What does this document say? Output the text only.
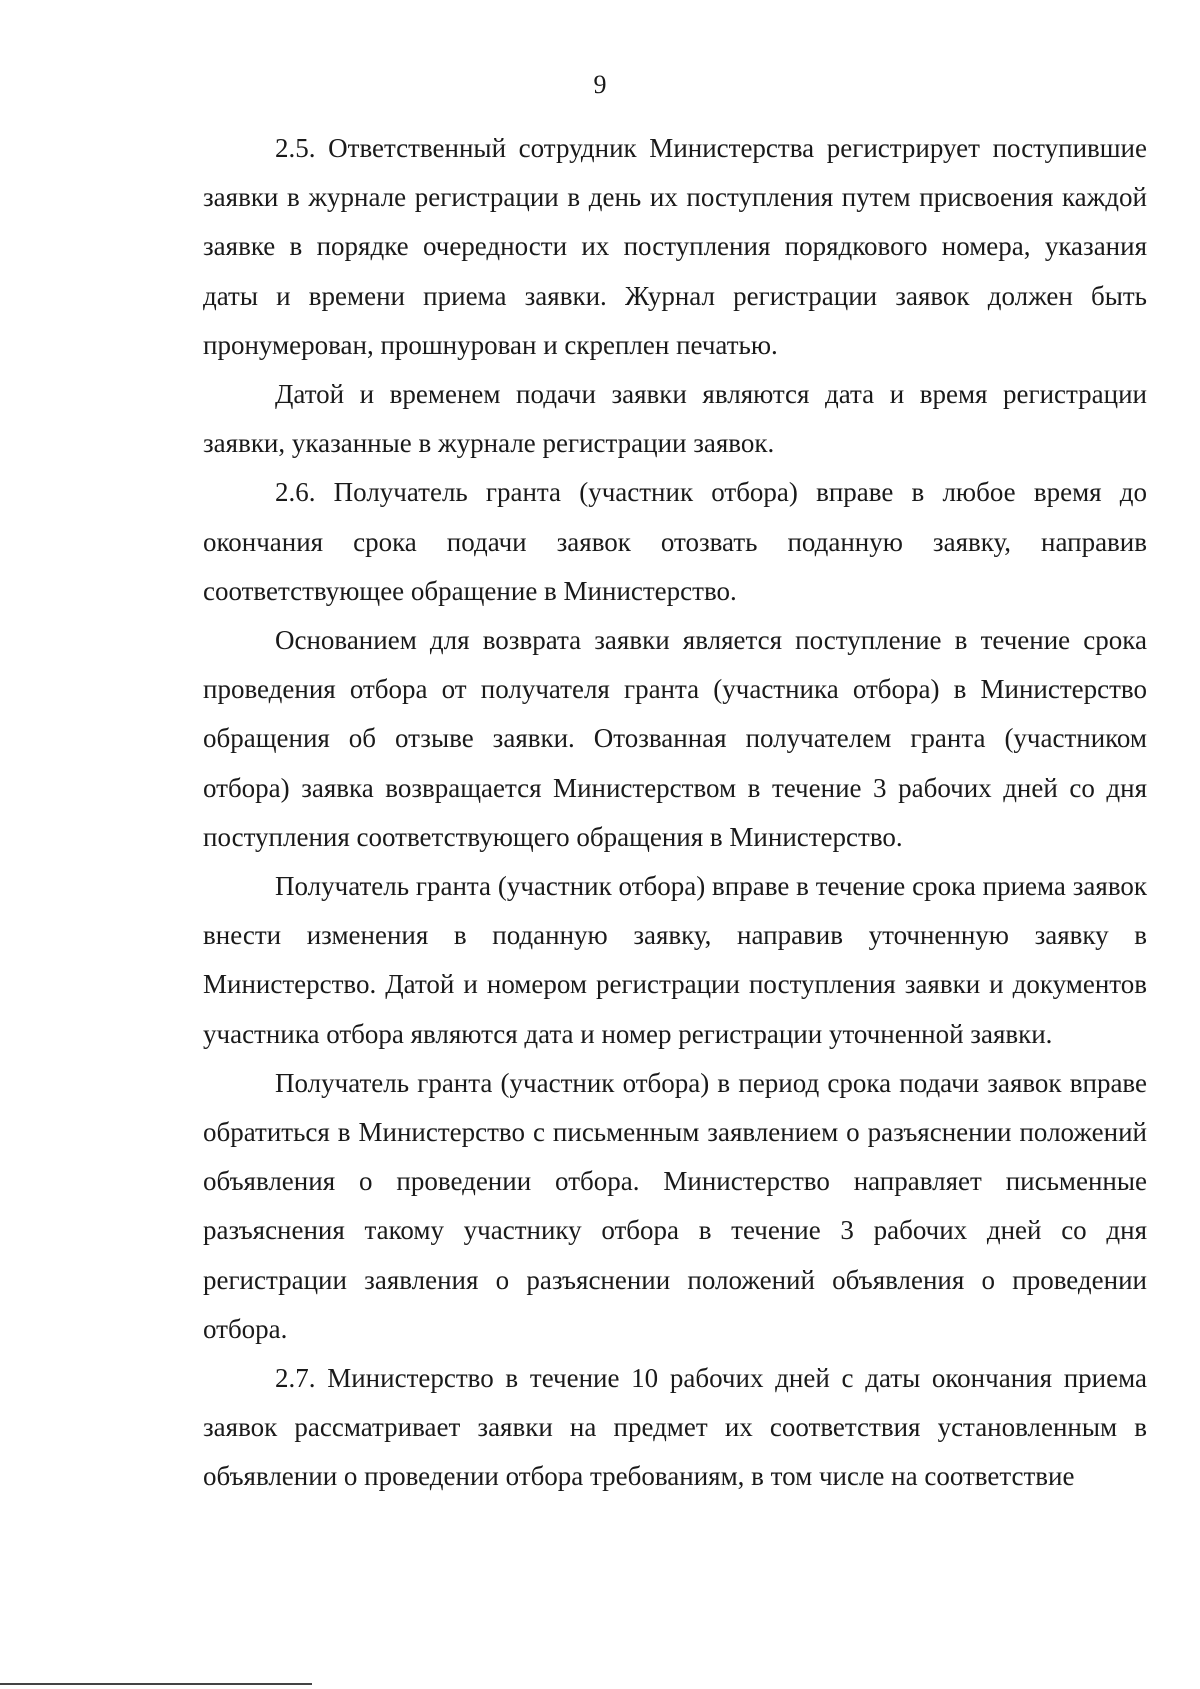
9

2.5. Ответственный сотрудник Министерства регистрирует поступившие заявки в журнале регистрации в день их поступления путем присвоения каждой заявке в порядке очередности их поступления порядкового номера, указания даты и времени приема заявки. Журнал регистрации заявок должен быть пронумерован, прошнурован и скреплен печатью.

Датой и временем подачи заявки являются дата и время регистрации заявки, указанные в журнале регистрации заявок.

2.6. Получатель гранта (участник отбора) вправе в любое время до окончания срока подачи заявок отозвать поданную заявку, направив соответствующее обращение в Министерство.

Основанием для возврата заявки является поступление в течение срока проведения отбора от получателя гранта (участника отбора) в Министерство обращения об отзыве заявки. Отозванная получателем гранта (участником отбора) заявка возвращается Министерством в течение 3 рабочих дней со дня поступления соответствующего обращения в Министерство.

Получатель гранта (участник отбора) вправе в течение срока приема заявок внести изменения в поданную заявку, направив уточненную заявку в Министерство. Датой и номером регистрации поступления заявки и документов участника отбора являются дата и номер регистрации уточненной заявки.

Получатель гранта (участник отбора) в период срока подачи заявок вправе обратиться в Министерство с письменным заявлением о разъяснении положений объявления о проведении отбора. Министерство направляет письменные разъяснения такому участнику отбора в течение 3 рабочих дней со дня регистрации заявления о разъяснении положений объявления о проведении отбора.

2.7. Министерство в течение 10 рабочих дней с даты окончания приема заявок рассматривает заявки на предмет их соответствия установленным в объявлении о проведении отбора требованиям, в том числе на соответствие
